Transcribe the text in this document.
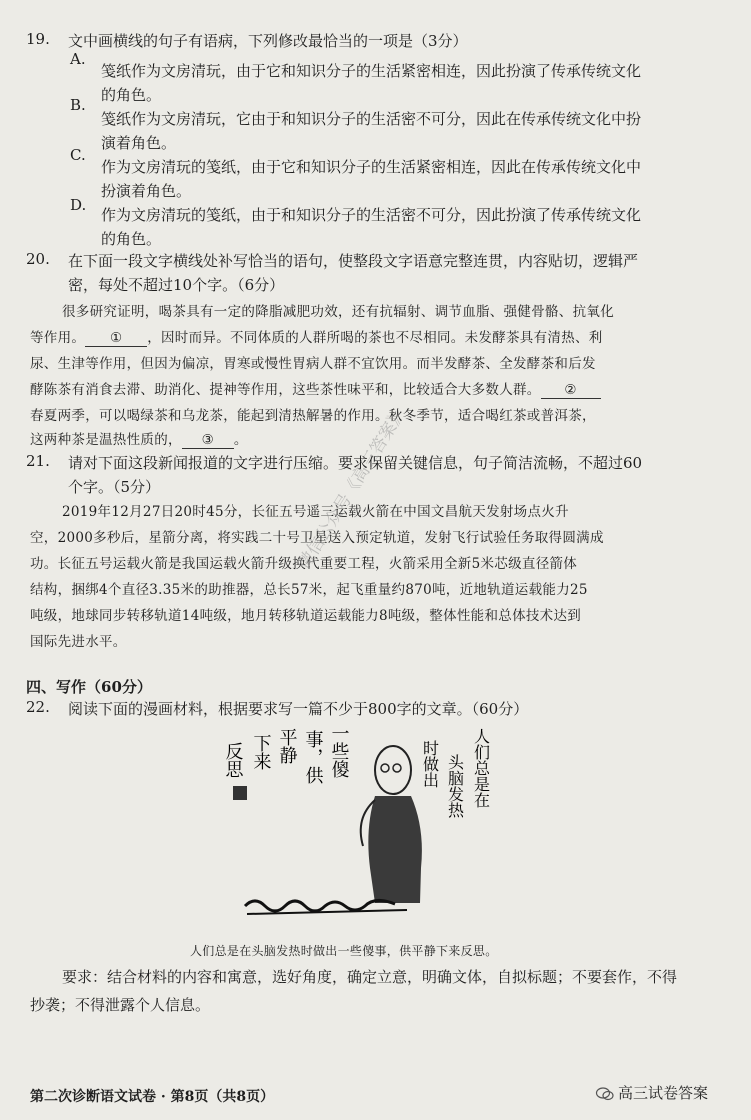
19. 文中画横线的句子有语病，下列修改最恰当的一项是（3分）
A.
笺纸作为文房清玩，由于它和知识分子的生活紧密相连，因此扮演了传承传统文化
的角色。
B.
笺纸作为文房清玩，它由于和知识分子的生活密不可分，因此在传承传统文化中扮
演着角色。
C.
作为文房清玩的笺纸，由于它和知识分子的生活紧密相连，因此在传承传统文化中
扮演着角色。
D.
作为文房清玩的笺纸，由于和知识分子的生活密不可分，因此扮演了传承传统文化
的角色。
20. 在下面一段文字横线处补写恰当的语句，使整段文字语意完整连贯，内容贴切，逻辑严
密，每处不超过10个字。（6分）
很多研究证明，喝茶具有一定的降脂减肥功效，还有抗辐射、调节血脂、强健骨骼、抗氧化
等作用。 ① ，因时而异。不同体质的人群所喝的茶也不尽相同。未发酵茶具有清热、利
尿、生津等作用，但因为偏凉，胃寒或慢性胃病人群不宜饮用。而半发酵茶、全发酵茶和后发
酵陈茶有消食去滞、助消化、提神等作用，这些茶性味平和，比较适合大多数人群。 ②
春夏两季，可以喝绿茶和乌龙茶，能起到清热解暑的作用。秋冬季节，适合喝红茶或普洱茶，
这两种茶是温热性质的， ③ 。
21. 请对下面这段新闻报道的文字进行压缩。要求保留关键信息，句子简洁流畅，不超过60
个字。（5分）
2019年12月27日20时45分，长征五号遥三运载火箭在中国文昌航天发射场点火升
空，2000多秒后，星箭分离，将实践二十号卫星送入预定轨道，发射飞行试验任务取得圆满成
功。长征五号运载火箭是我国运载火箭升级换代重要工程，火箭采用全新5米芯级直径箭体
结构，捆绑4个直径3.35米的助推器，总长57米，起飞重量约870吨，近地轨道运载能力25
吨级，地球同步转移轨道14吨级，地月转移轨道运载能力8吨级，整体性能和总体技术达到
国际先进水平。
四、写作（60分）
22. 阅读下面的漫画材料，根据要求写一篇不少于800字的文章。（60分）
反思 下来 平静 事，供 一些傻	时做出 头脑发热 人们总是在
人们总是在头脑发热时做出一些傻事，供平静下来反思。
要求：结合材料的内容和寓意，选好角度，确定立意，明确文体，自拟标题；不要套作，不得
抄袭；不得泄露个人信息。
微信公众号《高三答案》
第二次诊断语文试卷 · 第8页（共8页）	高三试卷答案
